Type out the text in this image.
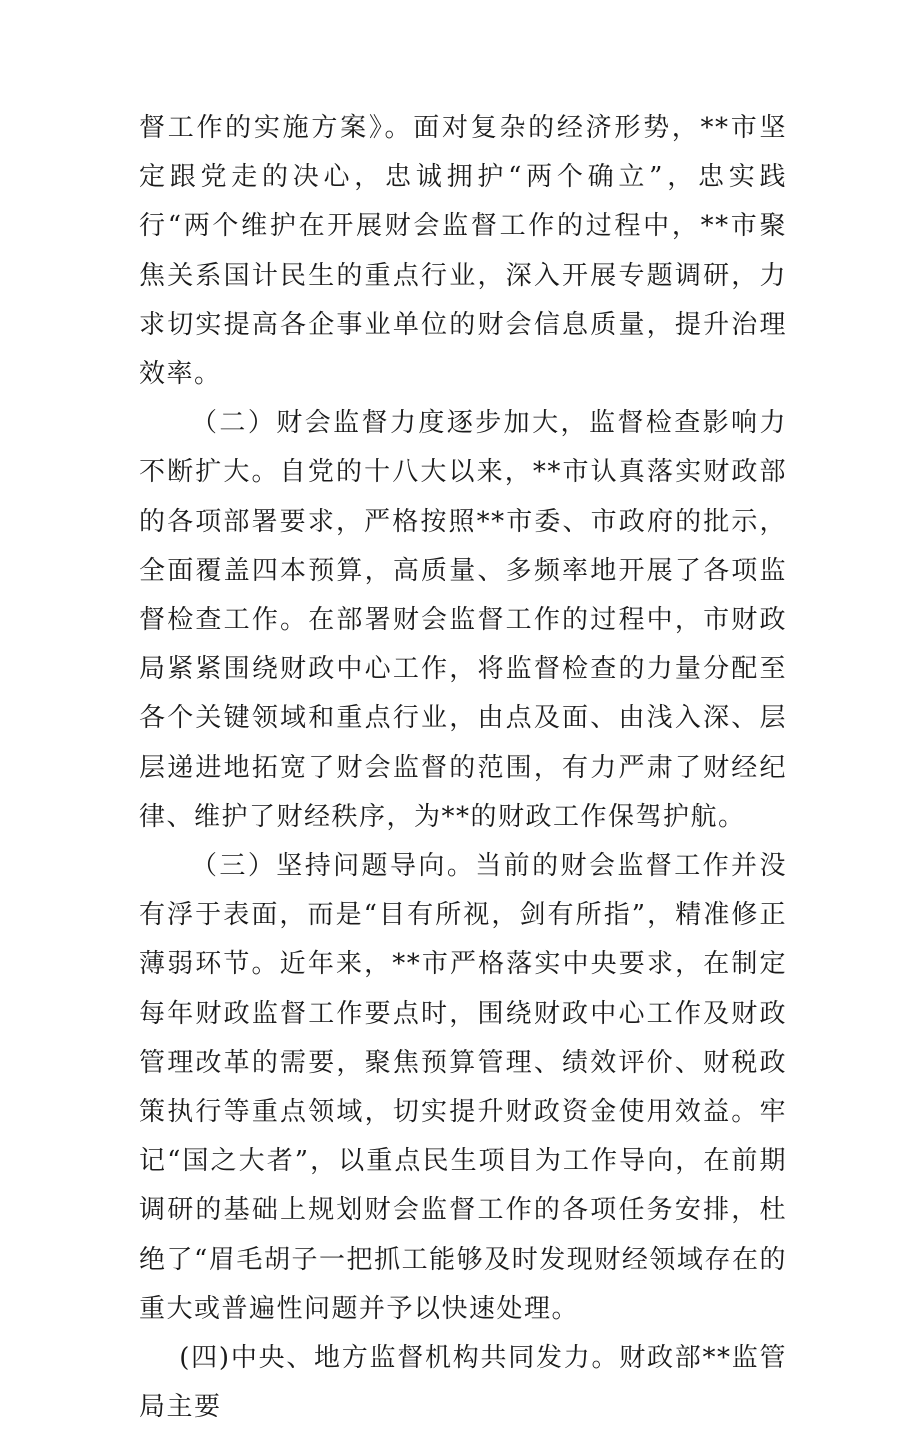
督工作的实施方案》。面对复杂的经济形势，**市坚定跟党走的决心，忠诚拥护“两个确立”，忠实践行“两个维护在开展财会监督工作的过程中，**市聚焦关系国计民生的重点行业，深入开展专题调研，力求切实提高各企事业单位的财会信息质量，提升治理效率。

（二）财会监督力度逐步加大，监督检查影响力不断扩大。自党的十八大以来，**市认真落实财政部的各项部署要求，严格按照**市委、市政府的批示，全面覆盖四本预算，高质量、多频率地开展了各项监督检查工作。在部署财会监督工作的过程中，市财政局紧紧围绕财政中心工作，将监督检查的力量分配至各个关键领域和重点行业，由点及面、由浅入深、层层递进地拓宽了财会监督的范围，有力严肃了财经纪律、维护了财经秩序，为**的财政工作保驾护航。

（三）坚持问题导向。当前的财会监督工作并没有浮于表面，而是“目有所视，剑有所指”，精准修正薄弱环节。近年来，**市严格落实中央要求，在制定每年财政监督工作要点时，围绕财政中心工作及财政管理改革的需要，聚焦预算管理、绩效评价、财税政策执行等重点领域，切实提升财政资金使用效益。牢记“国之大者”，以重点民生项目为工作导向，在前期调研的基础上规划财会监督工作的各项任务安排，杜绝了“眉毛胡子一把抓工能够及时发现财经领域存在的重大或普遍性问题并予以快速处理。

(四)中央、地方监督机构共同发力。财政部**监管局主要
